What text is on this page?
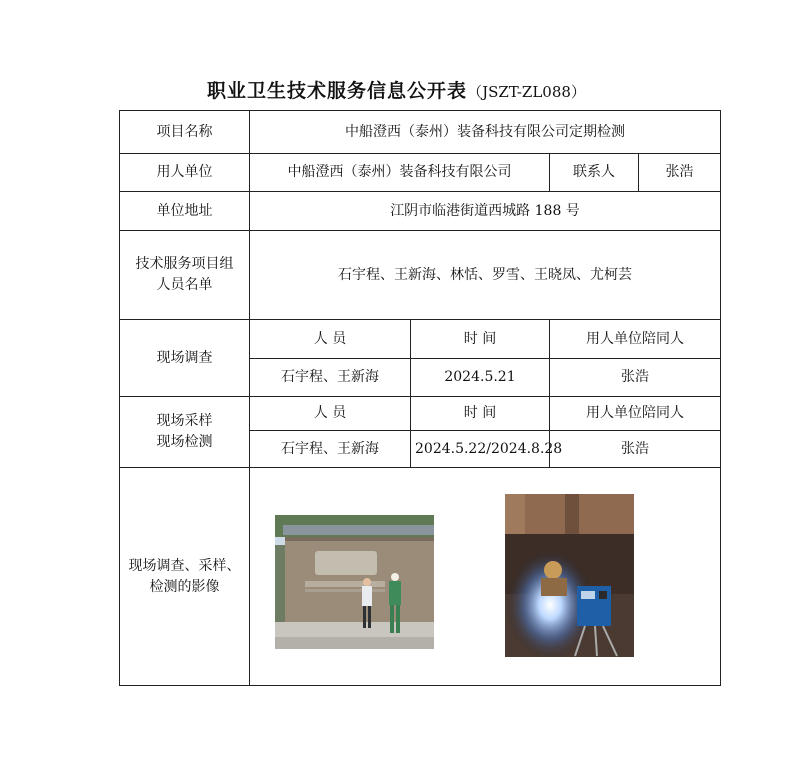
职业卫生技术服务信息公开表（JSZT-ZL088）
项目名称	中船澄西（泰州）装备科技有限公司定期检测			
用人单位	中船澄西（泰州）装备科技有限公司		联系人	张浩
单位地址	江阴市临港街道西城路 188 号			

技术服务项目组
人员名单	石宇程、王新海、林恬、罗雪、王晓凤、尤柯芸			
现场调查	人 员	时 间	用人单位陪同人	
	石宇程、王新海	2024.5.21	张浩	

现场采样
现场检测	人 员	时 间	用人单位陪同人	
	石宇程、王新海	2024.5.22/2024.8.28	张浩	

现场调查、采样、
检测的影像
